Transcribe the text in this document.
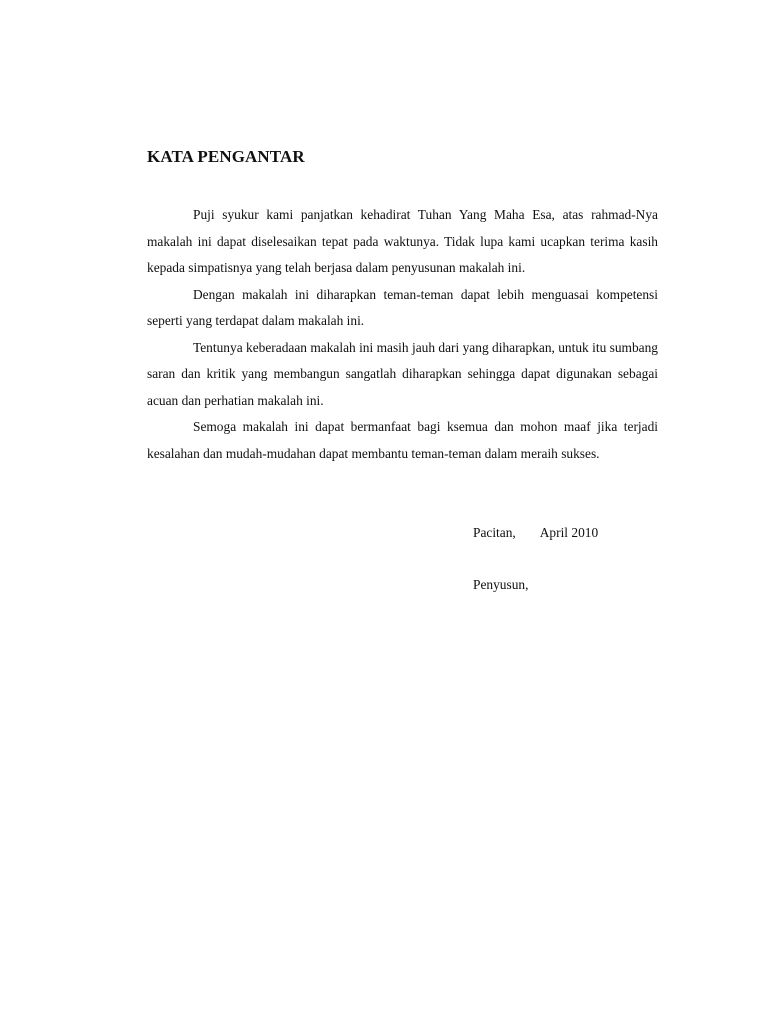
KATA PENGANTAR

Puji syukur kami panjatkan kehadirat Tuhan Yang Maha Esa, atas rahmad-Nya makalah ini dapat diselesaikan tepat pada waktunya. Tidak lupa kami ucapkan terima kasih kepada simpatisnya yang telah berjasa dalam penyusunan makalah ini.

Dengan makalah ini diharapkan teman-teman dapat lebih menguasai kompetensi seperti yang terdapat dalam makalah ini.

Tentunya keberadaan makalah ini masih jauh dari yang diharapkan, untuk itu sumbang saran dan kritik yang membangun sangatlah diharapkan sehingga dapat digunakan sebagai acuan dan perhatian makalah ini.

Semoga makalah ini dapat bermanfaat bagi ksemua dan mohon maaf jika terjadi kesalahan dan mudah-mudahan dapat membantu teman-teman dalam meraih sukses.

Pacitan, April 2010
Penyusun,
